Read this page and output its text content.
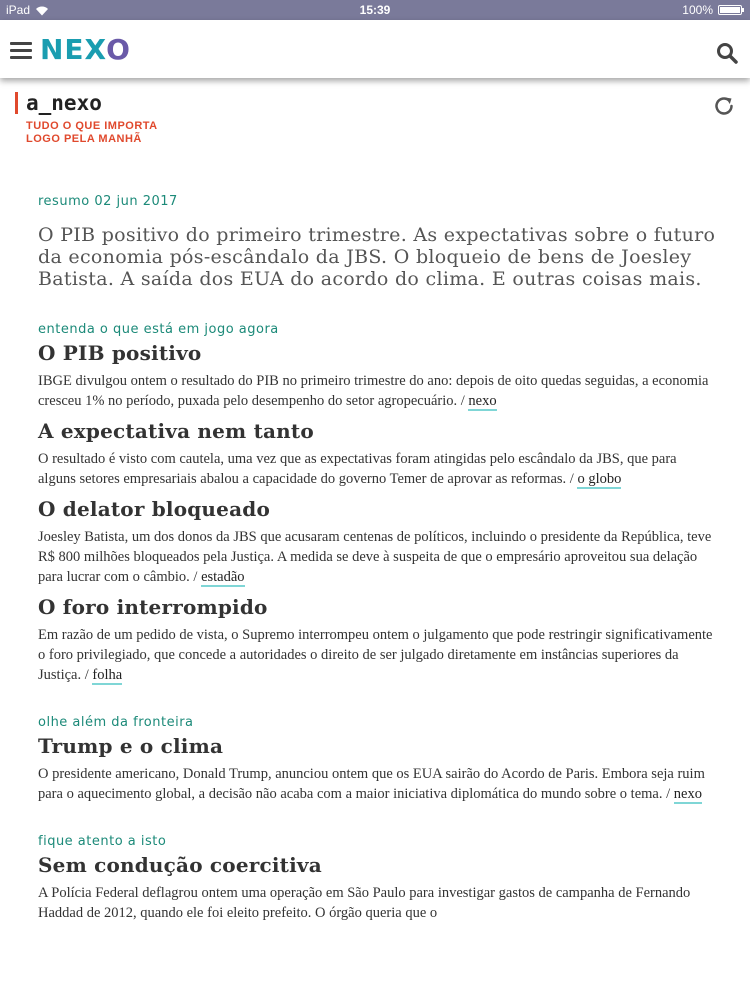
iPad	15:39	100%
NEXO
a_nexo
TUDO O QUE IMPORTA
LOGO PELA MANHÃ

resumo 02 jun 2017

O PIB positivo do primeiro trimestre. As expectativas sobre o futuro da economia pós-escândalo da JBS. O bloqueio de bens de Joesley Batista. A saída dos EUA do acordo do clima. E outras coisas mais.

entenda o que está em jogo agora

O PIB positivo

IBGE divulgou ontem o resultado do PIB no primeiro trimestre do ano: depois de oito quedas seguidas, a economia cresceu 1% no período, puxada pelo desempenho do setor agropecuário. / nexo

A expectativa nem tanto

O resultado é visto com cautela, uma vez que as expectativas foram atingidas pelo escândalo da JBS, que para alguns setores empresariais abalou a capacidade do governo Temer de aprovar as reformas. / o globo

O delator bloqueado

Joesley Batista, um dos donos da JBS que acusaram centenas de políticos, incluindo o presidente da República, teve R$ 800 milhões bloqueados pela Justiça. A medida se deve à suspeita de que o empresário aproveitou sua delação para lucrar com o câmbio. / estadão

O foro interrompido

Em razão de um pedido de vista, o Supremo interrompeu ontem o julgamento que pode restringir significativamente o foro privilegiado, que concede a autoridades o direito de ser julgado diretamente em instâncias superiores da Justiça. / folha

olhe além da fronteira

Trump e o clima

O presidente americano, Donald Trump, anunciou ontem que os EUA sairão do Acordo de Paris. Embora seja ruim para o aquecimento global, a decisão não acaba com a maior iniciativa diplomática do mundo sobre o tema. / nexo

fique atento a isto

Sem condução coercitiva

A Polícia Federal deflagrou ontem uma operação em São Paulo para investigar gastos de campanha de Fernando Haddad de 2012, quando ele foi eleito prefeito. O órgão queria que o
